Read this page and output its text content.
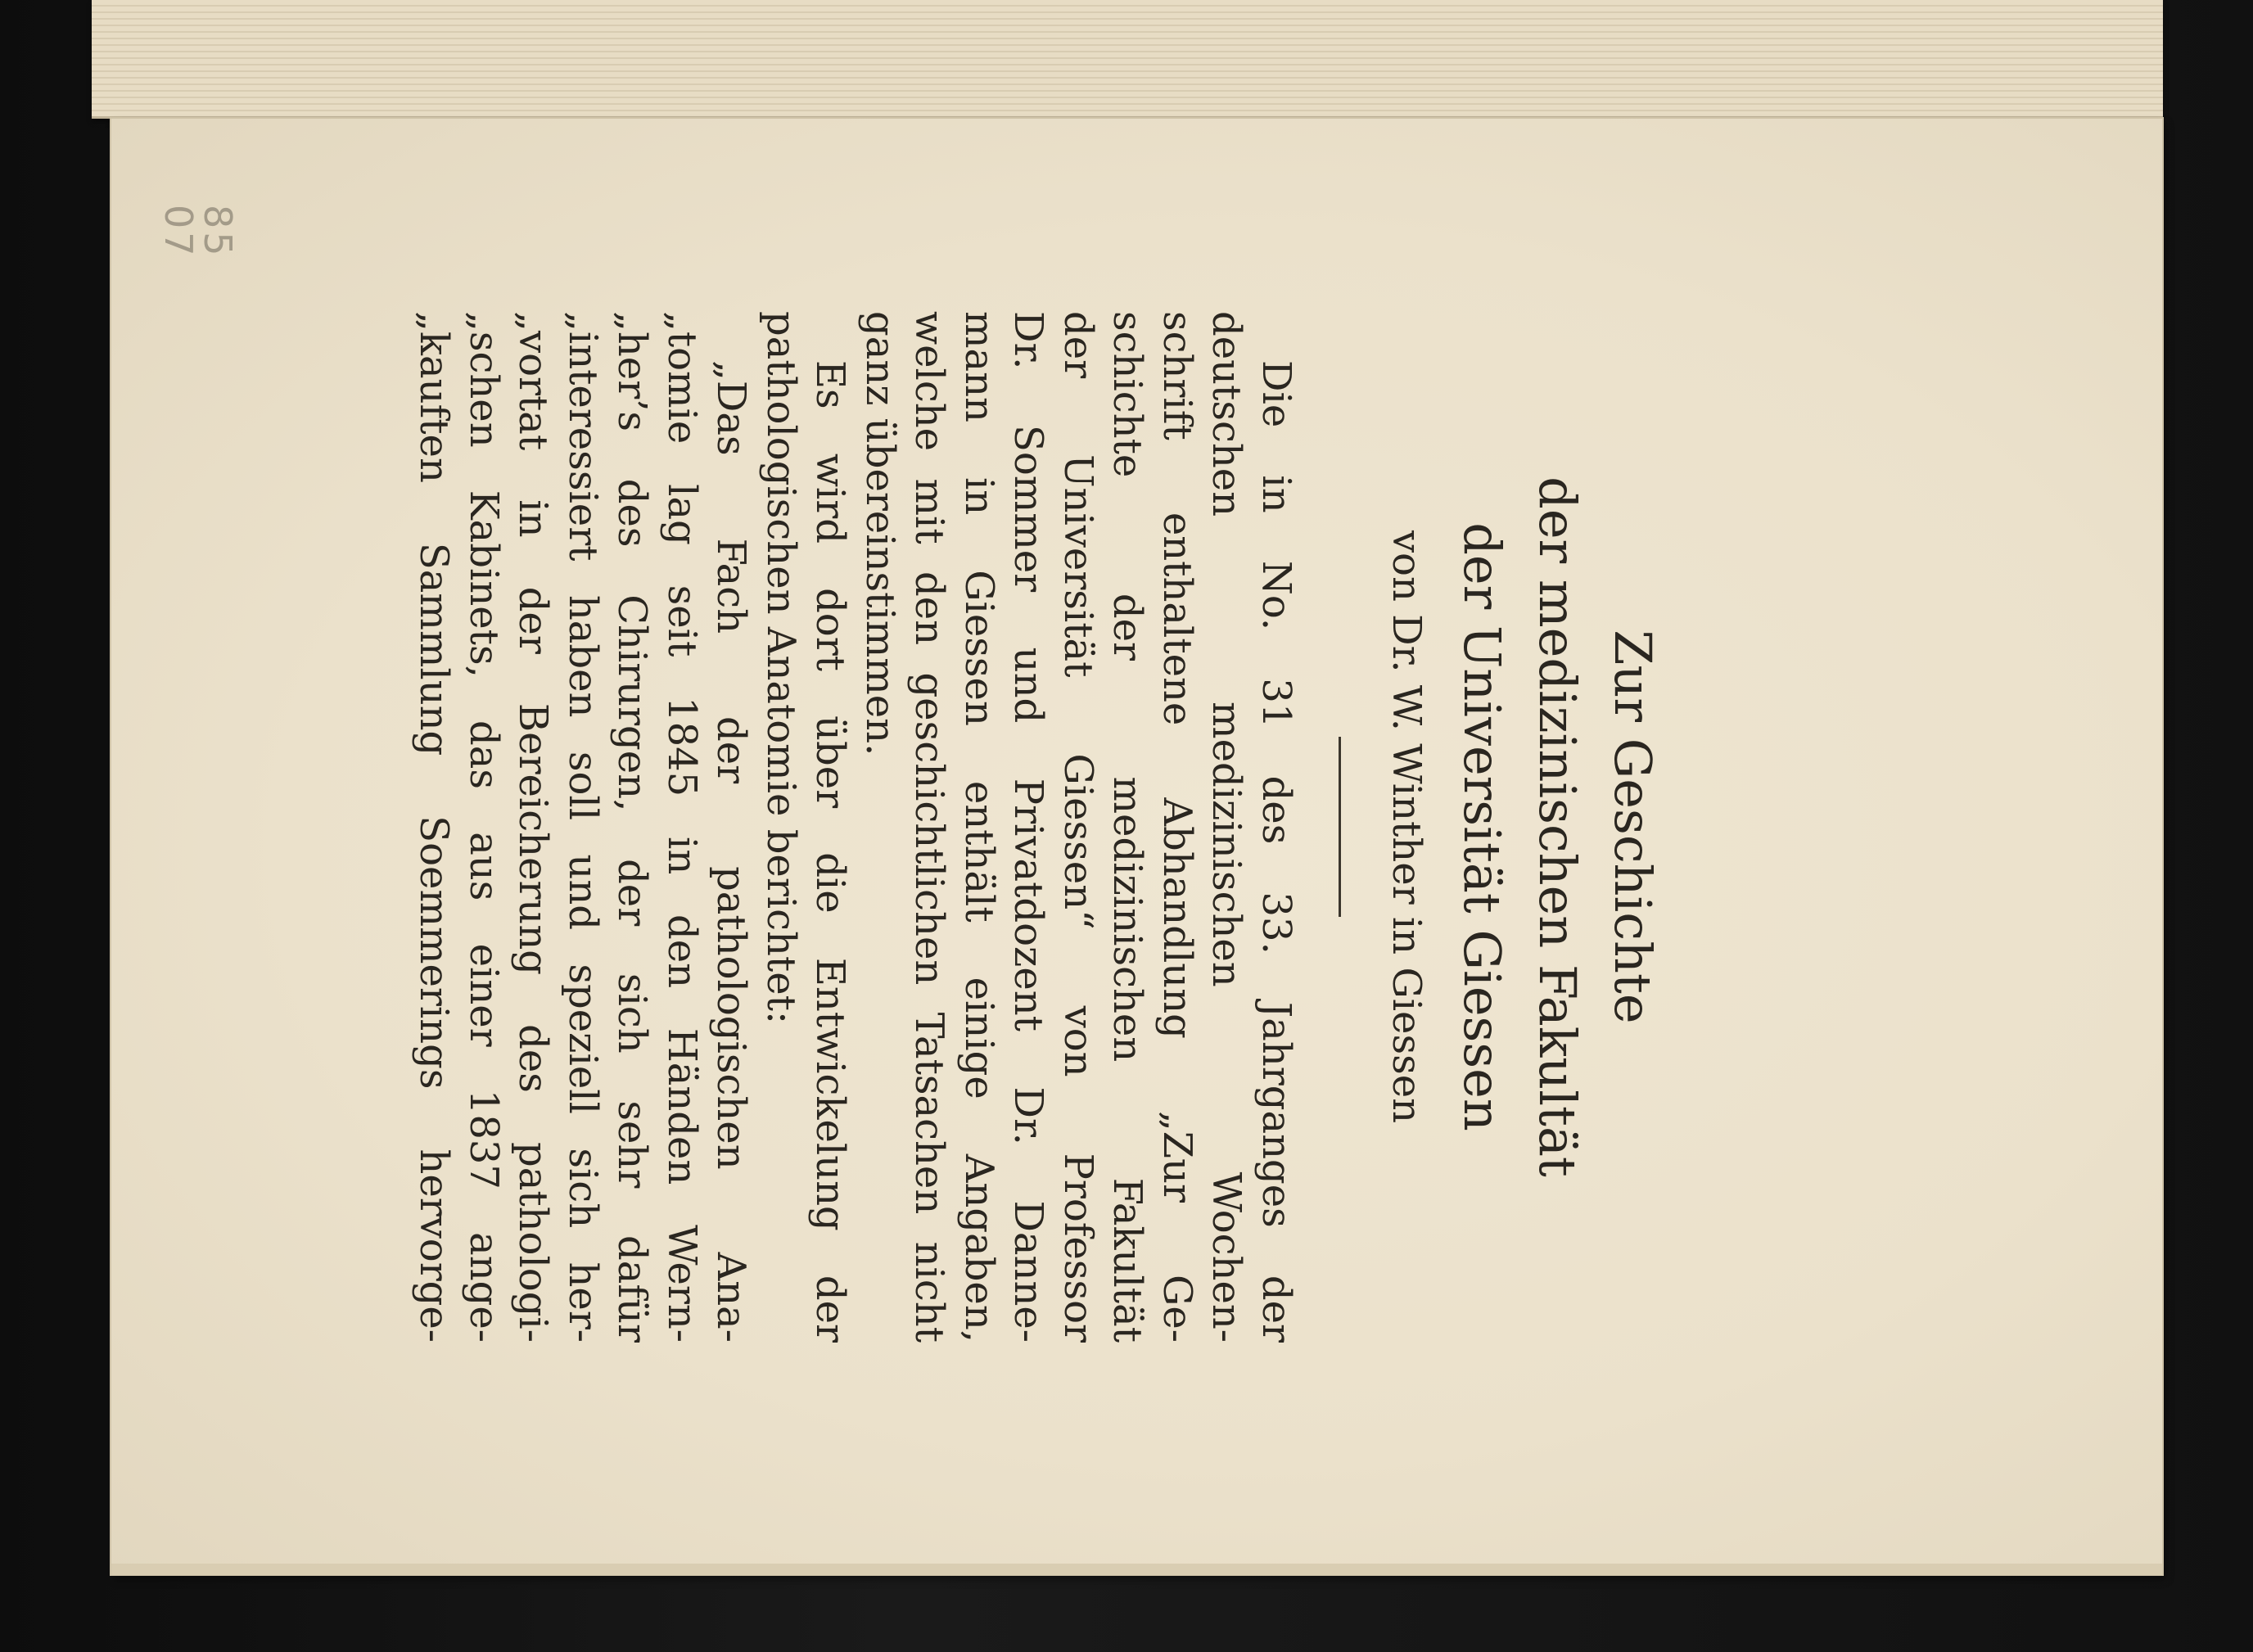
85
07
Zur Geschichte
der medizinischen Fakultät
der Universität Giessen

von Dr. W. Winther in Giessen

Die in No. 31 des 33. Jahrganges der
deutschen medizinischen Wochen-
schrift enthaltene Abhandlung „Zur Ge-
schichte der medizinischen Fakultät
der Universität Giessen“ von Professor
Dr. Sommer und Privatdozent Dr. Danne-
mann in Giessen enthält einige Angaben,
welche mit den geschichtlichen Tatsachen nicht
ganz übereinstimmen.

Es wird dort über die Entwickelung der
pathologischen Anatomie berichtet:

„Das Fach der pathologischen Ana-
„tomie lag seit 1845 in den Händen Wern-
„her’s des Chirurgen, der sich sehr dafür
„interessiert haben soll und speziell sich her-
„vortat in der Bereicherung des pathologi-
„schen Kabinets, das aus einer 1837 ange-
„kauften Sammlung Soemmerings hervorge-
